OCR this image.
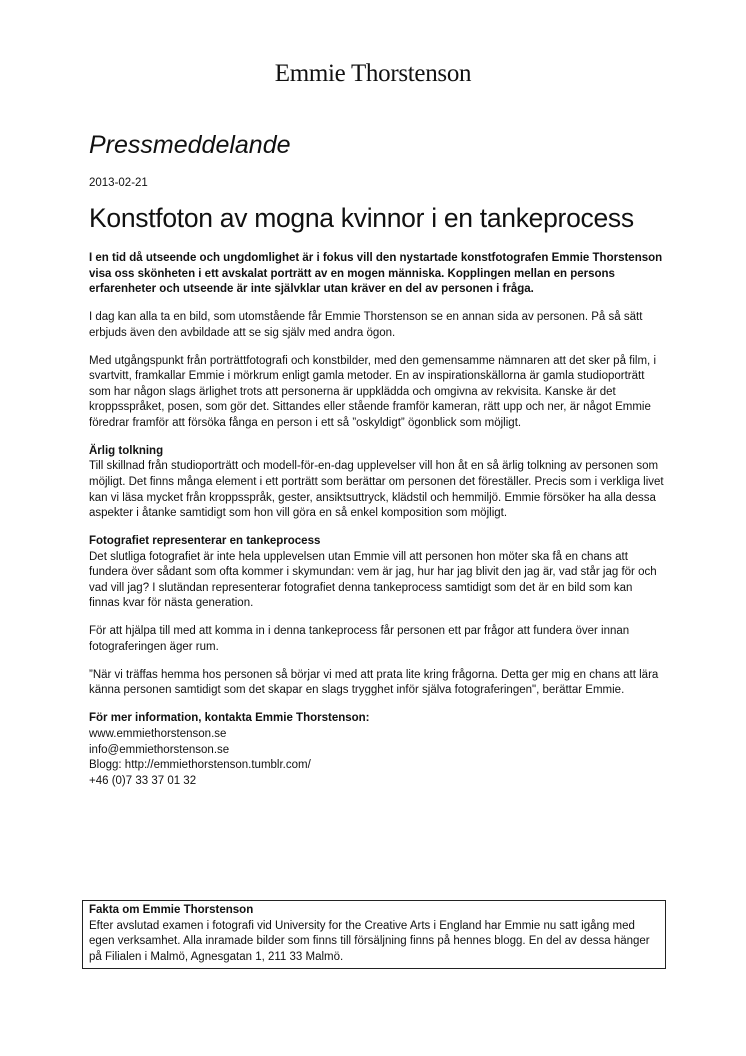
Emmie Thorstenson
Pressmeddelande
2013-02-21
Konstfoton av mogna kvinnor i en tankeprocess

I en tid då utseende och ungdomlighet är i fokus vill den nystartade konstfotografen Emmie Thorstenson visa oss skönheten i ett avskalat porträtt av en mogen människa. Kopplingen mellan en persons erfarenheter och utseende är inte självklar utan kräver en del av personen i fråga.

I dag kan alla ta en bild, som utomstående får Emmie Thorstenson se en annan sida av personen. På så sätt erbjuds även den avbildade att se sig själv med andra ögon.

Med utgångspunkt från porträttfotografi och konstbilder, med den gemensamme nämnaren att det sker på film, i svartvitt, framkallar Emmie i mörkrum enligt gamla metoder. En av inspirationskällorna är gamla studioporträtt som har någon slags ärlighet trots att personerna är uppklädda och omgivna av rekvisita. Kanske är det kroppsspråket, posen, som gör det. Sittandes eller stående framför kameran, rätt upp och ner, är något Emmie föredrar framför att försöka fånga en person i ett så ”oskyldigt” ögonblick som möjligt.

Ärlig tolkning

Till skillnad från studioporträtt och modell-för-en-dag upplevelser vill hon åt en så ärlig tolkning av personen som möjligt. Det finns många element i ett porträtt som berättar om personen det föreställer. Precis som i verkliga livet kan vi läsa mycket från kroppsspråk, gester, ansiktsuttryck, klädstil och hemmiljö. Emmie försöker ha alla dessa aspekter i åtanke samtidigt som hon vill göra en så enkel komposition som möjligt.

Fotografiet representerar en tankeprocess

Det slutliga fotografiet är inte hela upplevelsen utan Emmie vill att personen hon möter ska få en chans att fundera över sådant som ofta kommer i skymundan: vem är jag, hur har jag blivit den jag är, vad står jag för och vad vill jag? I slutändan representerar fotografiet denna tankeprocess samtidigt som det är en bild som kan finnas kvar för nästa generation.

För att hjälpa till med att komma in i denna tankeprocess får personen ett par frågor att fundera över innan fotograferingen äger rum.

”När vi träffas hemma hos personen så börjar vi med att prata lite kring frågorna. Detta ger mig en chans att lära känna personen samtidigt som det skapar en slags trygghet inför själva fotograferingen", berättar Emmie.

För mer information, kontakta Emmie Thorstenson:
www.emmiethorstenson.se
info@emmiethorstenson.se
Blogg: http://emmiethorstenson.tumblr.com/
+46 (0)7 33 37 01 32
Fakta om Emmie Thorstenson
Efter avslutad examen i fotografi vid University for the Creative Arts i England har Emmie nu satt igång med egen verksamhet. Alla inramade bilder som finns till försäljning finns på hennes blogg. En del av dessa hänger på Filialen i Malmö, Agnesgatan 1, 211 33 Malmö.
